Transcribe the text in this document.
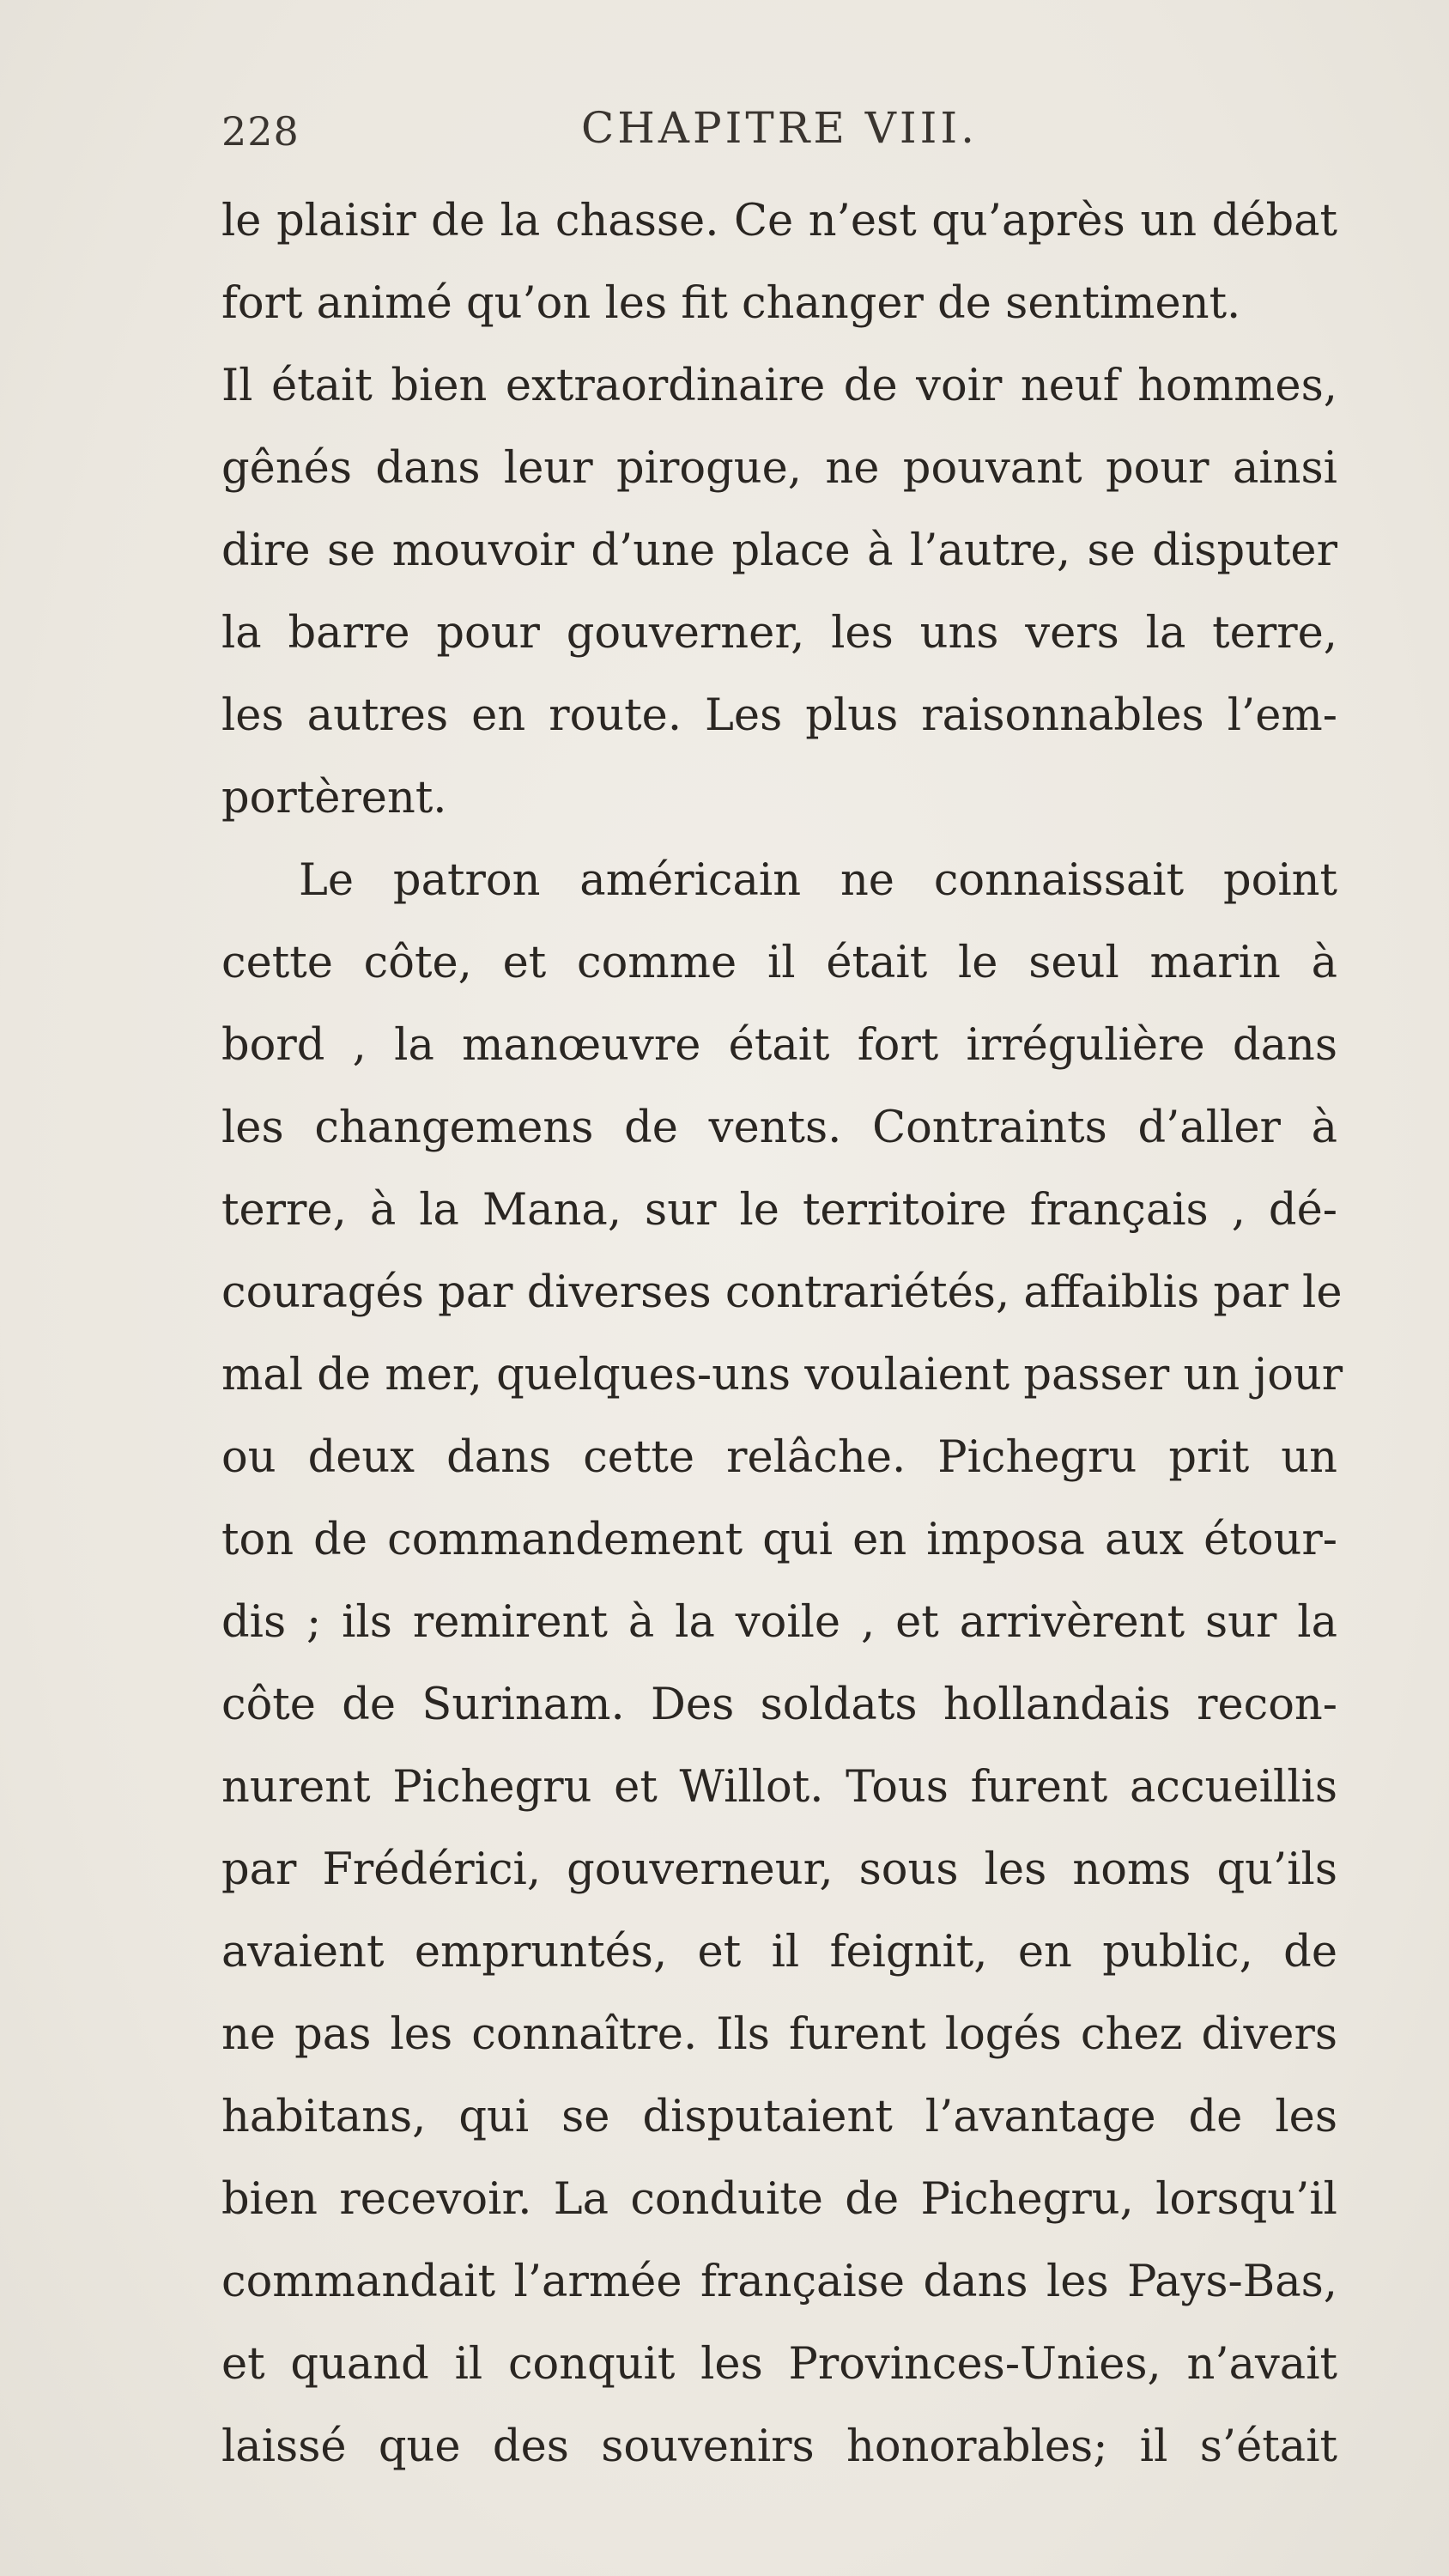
228	CHAPITRE VIII.
le plaisir de la chasse. Ce n’est qu’après un débat
fort animé qu’on les fit changer de sentiment.
Il était bien extraordinaire de voir neuf hommes,
gênés dans leur pirogue, ne pouvant pour ainsi
dire se mouvoir d’une place à l’autre, se disputer
la barre pour gouverner, les uns vers la terre,
les autres en route. Les plus raisonnables l’em-
portèrent.
Le patron américain ne connaissait point
cette côte, et comme il était le seul marin à
bord , la manœuvre était fort irrégulière dans
les changemens de vents. Contraints d’aller à
terre, à la Mana, sur le territoire français , dé-
couragés par diverses contrariétés, affaiblis par le
mal de mer, quelques-uns voulaient passer un jour
ou deux dans cette relâche. Pichegru prit un
ton de commandement qui en imposa aux étour-
dis ; ils remirent à la voile , et arrivèrent sur la
côte de Surinam. Des soldats hollandais recon-
nurent Pichegru et Willot. Tous furent accueillis
par Frédérici, gouverneur, sous les noms qu’ils
avaient empruntés, et il feignit, en public, de
ne pas les connaître. Ils furent logés chez divers
habitans, qui se disputaient l’avantage de les
bien recevoir. La conduite de Pichegru, lorsqu’il
commandait l’armée française dans les Pays-Bas,
et quand il conquit les Provinces-Unies, n’avait
laissé que des souvenirs honorables; il s’était
